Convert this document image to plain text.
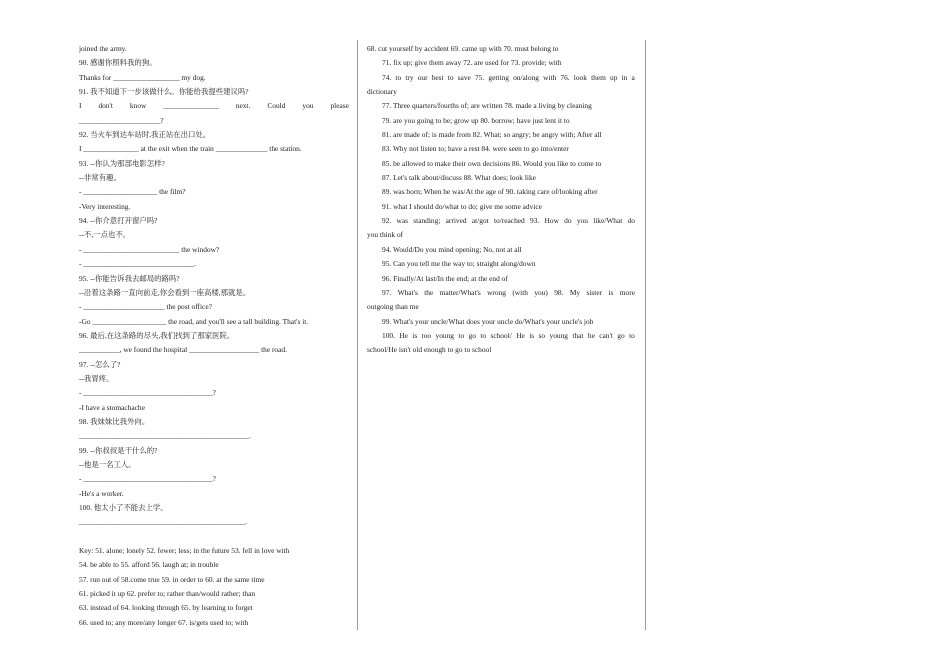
joined the army.
90. 感谢你照料我的狗。
Thanks for __________________ my dog.
91. 我不知道下一步该做什么。你能给我提些建议吗?
I don't know _______________ next. Could you please
______________________?
92. 当火车到达车站时,我正站在出口处。
I _______________ at the exit when the train ______________ the station.
93. --你认为那部电影怎样?
--非常有趣。
- ____________________ the film?
-Very interesting.
94. --你介意打开窗户吗?
--不,一点也不。
- __________________________ the window?
- ______________________________.
95. --你能告诉我去邮局的路吗?
--沿着这条路一直向前走,你会看到一座高楼,那就是。
- ______________________ the post office?
-Go ____________________ the road, and you'll see a tall building. That's it.
96. 最后,在这条路的尽头,我们找到了那家医院。
___________, we found the hospital ___________________ the road.
97. --怎么了?
--我胃疼。
- ___________________________________?
-I have a stomachache
98. 我妹妹比我外向。
______________________________________________.
99. --你叔叔是干什么的?
--他是一名工人。
- ___________________________________?
-He's a worker.
100. 他太小了不能去上学。
_____________________________________________.
Key: 51. alone; lonely 52. fewer; less; in the future 53. fell in love with
54. be able to 55. afford 56. laugh at; in trouble
57. run out of 58.come true 59. in order to 60. at the same time
61. picked it up 62. prefer to; rather than/would rather; than
63. instead of 64. looking through 65. by learning to forget
66. used to; any more/any longer 67. is/gets used to; with
68. cut yourself by accident 69. came up with 70. must belong to
71. fix up; give them away 72. are used for 73. provide; with
74. to try our best to save 75. getting on/along with 76. look them up in a
dictionary
77. Three quarters/fourths of; are written 78. made a living by cleaning
79. are you going to be; grow up 80. borrow; have just lent it to
81. are made of; is made from 82. What; so angry; be angry with; After all
83. Why not listen to; have a rest 84. were seen to go into/enter
85. be allowed to make their own decisions 86. Would you like to come to
87. Let's talk about/discuss 88. What does; look like
89. was born; When he was/At the age of 90. taking care of/looking after
91. what I should do/what to do; give me some advice
92. was standing; arrived at/got to/reached 93. How do you like/What do
you think of
94. Would/Do you mind opening; No, not at all
95. Can you tell me the way to; straight along/down
96. Finally/At last/In the end; at the end of
97. What's the matter/What's wrong (with you) 98. My sister is more
outgoing than me
99. What's your uncle/What does your uncle do/What's your uncle's job
100. He is too young to go to school/ He is so young that he can't go to
school/He isn't old enough to go to school
